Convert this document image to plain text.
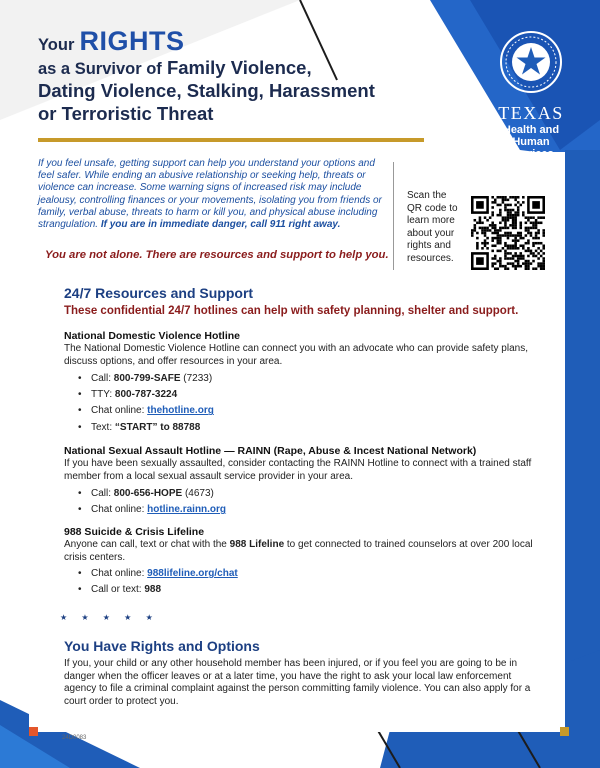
Your RIGHTS
as a Survivor of Family Violence,
Dating Violence, Stalking, Harassment
or Terroristic Threat	TEXAS
Health and Human
Services
If you feel unsafe, getting support can help you understand your options and feel safer. While ending an abusive relationship or seeking help, threats or violence can increase. Some warning signs of increased risk may include jealousy, controlling finances or your movements, isolating you from friends or family, verbal abuse, threats to harm or kill you, and physical abuse including strangulation. If you are in immediate danger, call 911 right away.
You are not alone. There are resources and support to help you.
Scan the
QR code to
learn more
about your
rights and
resources.
24/7 Resources and Support
These confidential 24/7 hotlines can help with safety planning, shelter and support.
National Domestic Violence Hotline
The National Domestic Violence Hotline can connect you with an advocate who can provide safety plans, discuss options, and offer resources in your area.
• Call: 800-799-SAFE (7233)
• TTY: 800-787-3224
• Chat online: thehotline.org
• Text: “START” to 88788
National Sexual Assault Hotline — RAINN (Rape, Abuse & Incest National Network)
If you have been sexually assaulted, consider contacting the RAINN Hotline to connect with a trained staff member from a local sexual assault service provider in your area.
• Call: 800-656-HOPE (4673)
• Chat online: hotline.rainn.org
988 Suicide & Crisis Lifeline
Anyone can call, text or chat with the 988 Lifeline to get connected to trained counselors at over 200 local crisis centers.
• Chat online: 988lifeline.org/chat
• Call or text: 988
★ ★ ★ ★ ★
You Have Rights and Options
If you, your child or any other household member has been injured, or if you feel you are going to be in danger when the officer leaves or at a later time, you have the right to ask your local law enforcement agency to file a criminal complaint against the person committing family violence. You can also apply for a court order to protect you.
24D0083
